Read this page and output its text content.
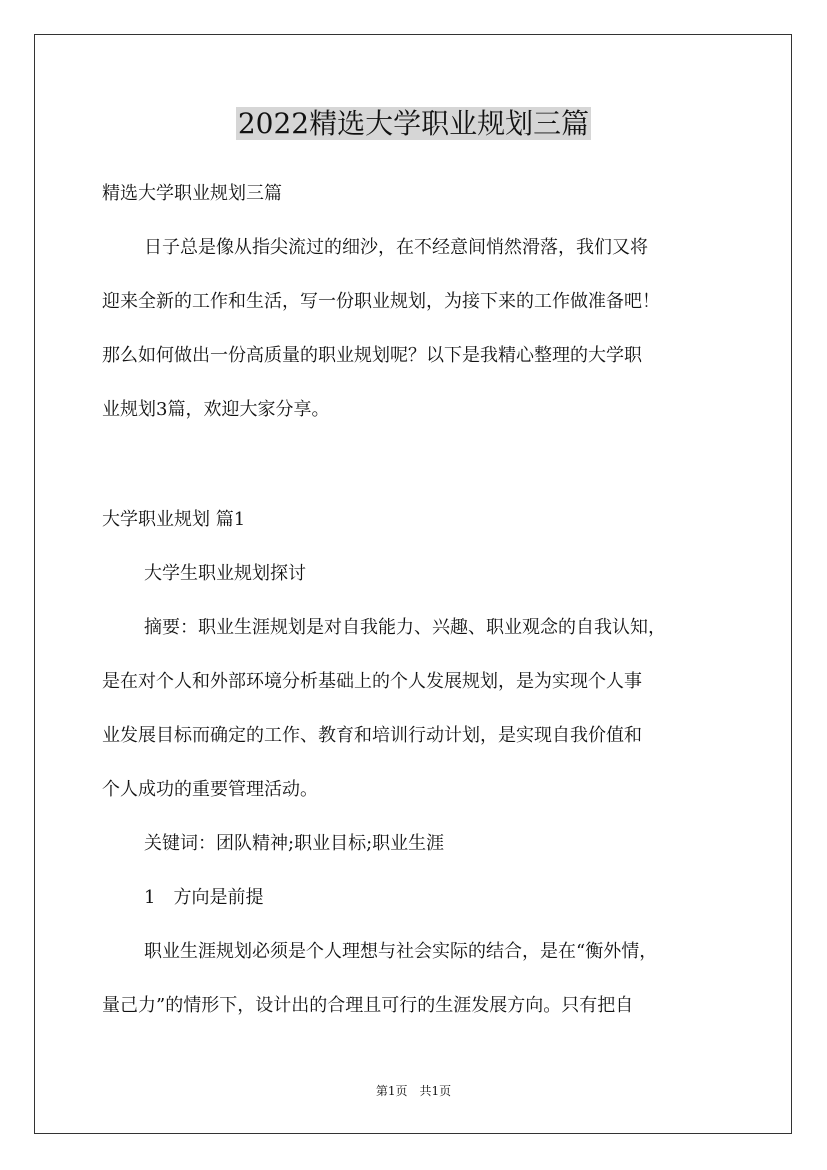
2022精选大学职业规划三篇
精选大学职业规划三篇
日子总是像从指尖流过的细沙，在不经意间悄然滑落，我们又将
迎来全新的工作和生活，写一份职业规划，为接下来的工作做准备吧！
那么如何做出一份高质量的职业规划呢？以下是我精心整理的大学职
业规划3篇，欢迎大家分享。
大学职业规划 篇1
大学生职业规划探讨
摘要：职业生涯规划是对自我能力、兴趣、职业观念的自我认知，
是在对个人和外部环境分析基础上的个人发展规划，是为实现个人事
业发展目标而确定的工作、教育和培训行动计划，是实现自我价值和
个人成功的重要管理活动。
关键词：团队精神;职业目标;职业生涯
1　方向是前提
职业生涯规划必须是个人理想与社会实际的结合，是在“衡外情，
量己力”的情形下，设计出的合理且可行的生涯发展方向。只有把自
第1页　共1页
